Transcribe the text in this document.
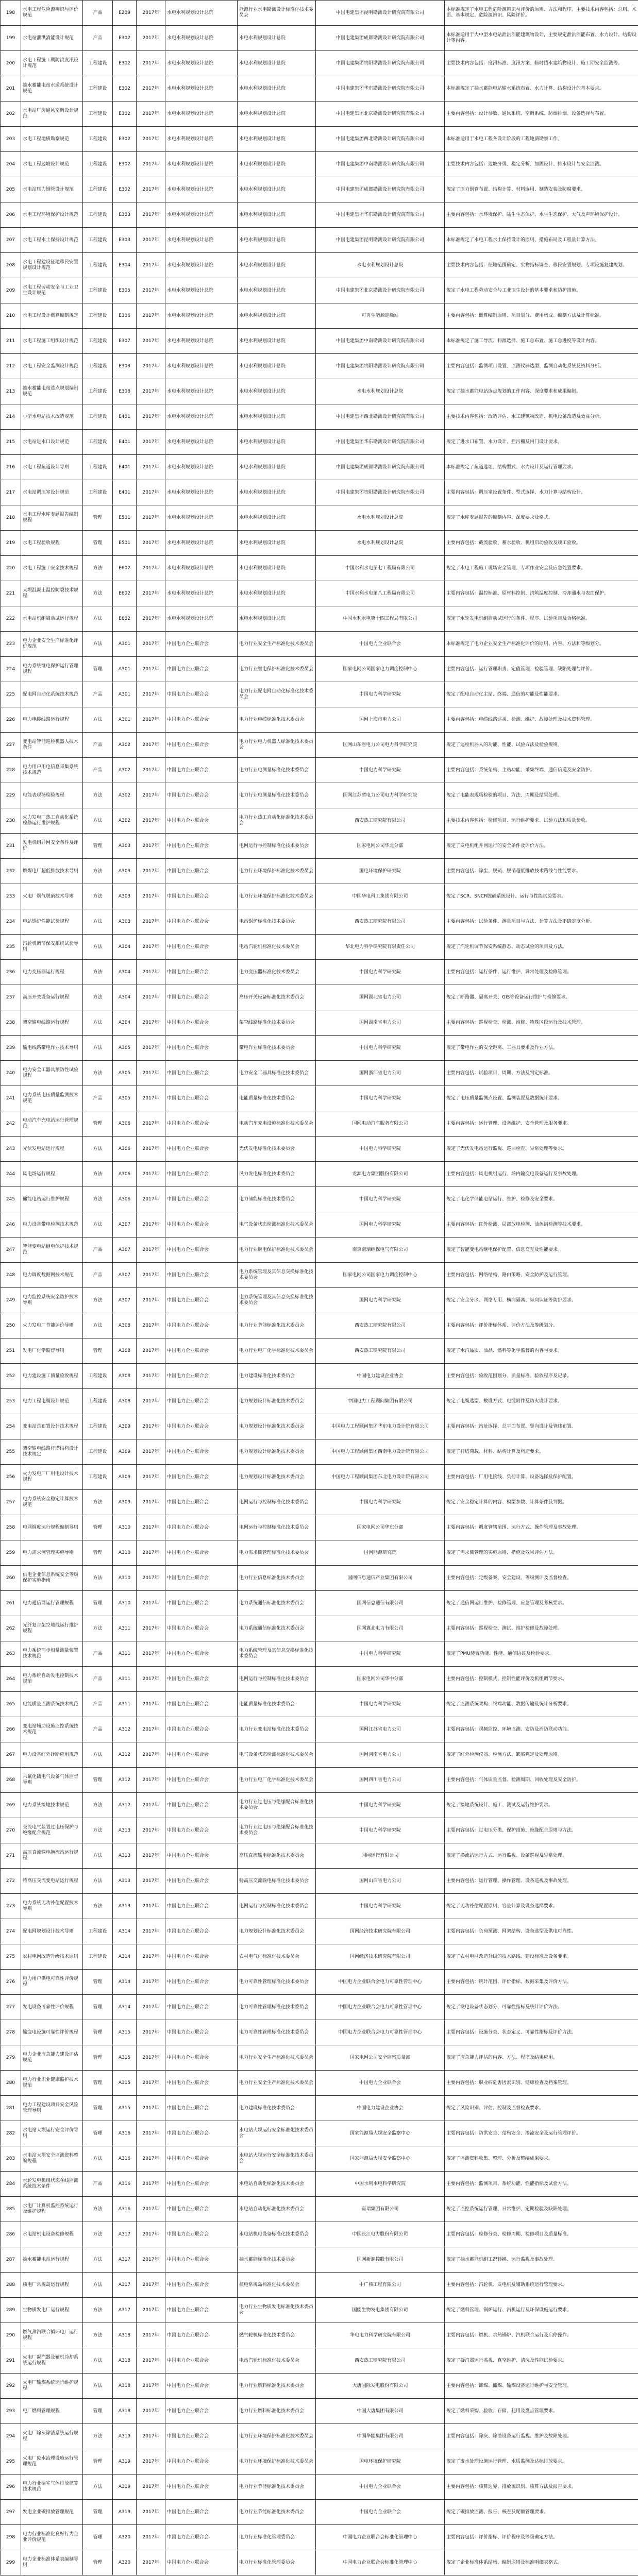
198	水电工程危险源辨识与评价规范	产品	E209	2017年	水电水利规划设计总院	能源行业水电勘测设计标准化技术委员会	中国电建集团昆明勘测设计研究院有限公司	本标准规定了水电工程危险源辨识与评价的原则、方法和程序。主要技术内容包括：总则、术语、基本规定、危险源辨识、风险评价。
199	水电站泄洪消能设计规范	产品	E302	2017年	水电水利规划设计总院	水电水利规划设计总院	中国电建集团成都勘测设计研究院有限公司	本标准适用于大中型水电站泄洪消能建筑物设计，主要规定泄洪消能布置、水力设计、结构设计等内容。
200	水电工程施工期防洪度汛设计规范	工程建设	E302	2017年	水电水利规划设计总院	水电水利规划设计总院	中国电建集团贵阳勘测设计研究院有限公司	主要技术内容包括：度汛标准、度汛方案、临时挡水建筑物设计、施工期安全监测等。
201	抽水蓄能电站水道系统设计规范	工程建设	E302	2017年	水电水利规划设计总院	水电水利规划设计总院	中国电建集团华东勘测设计研究院有限公司	本标准规定了抽水蓄能电站输水系统布置、水力计算、结构设计的基本要求。
202	水电站厂房通风空调设计规范	工程建设	E302	2017年	水电水利规划设计总院	水电水利规划设计总院	中国电建集团北京勘测设计研究院有限公司	主要内容包括：设计参数、通风系统、空调系统、防烟排烟、设备选择与布置。
203	水电工程地质勘察规范	工程建设	E302	2017年	水电水利规划设计总院	水电水利规划设计总院	中国电建集团西北勘测设计研究院有限公司	本标准适用于水电工程各设计阶段的工程地质勘察工作。
204	水电工程边坡设计规范	工程建设	E302	2017年	水电水利规划设计总院	水电水利规划设计总院	中国电建集团中南勘测设计研究院有限公司	主要技术内容包括：边坡分级、稳定分析、加固设计、排水设计与安全监测。
205	水电站压力钢管设计规范	工程建设	E302	2017年	水电水利规划设计总院	水电水利规划设计总院	中国电建集团成都勘测设计研究院有限公司	规定了压力钢管布置、结构计算、材料选用、制造安装及防腐要求。
206	水电工程环境保护设计规范	工程建设	E303	2017年	水电水利规划设计总院	水电水利规划设计总院	中国电建集团华东勘测设计研究院有限公司	主要内容包括：水环境保护、陆生生态保护、水生生态保护、大气及声环境保护设计。
207	水电工程水土保持设计规范	工程建设	E303	2017年	水电水利规划设计总院	水电水利规划设计总院	中国电建集团昆明勘测设计研究院有限公司	本标准规定了水电工程水土保持设计的原则、措施布局及工程量计算方法。
208	水电工程建设征地移民安置规划设计规范	工程建设	E304	2017年	水电水利规划设计总院	水电水利规划设计总院	水电水利规划设计总院	主要技术内容包括：征地范围确定、实物指标调查、移民安置规划、专项设施复建规划。
209	水电工程劳动安全与工业卫生设计规范	工程建设	E305	2017年	水电水利规划设计总院	水电水利规划设计总院	中国电建集团北京勘测设计研究院有限公司	规定了水电工程劳动安全与工业卫生设计的基本要求和防护措施。
210	水电工程设计概算编制规定	工程建设	E306	2017年	水电水利规划设计总院	水电水利规划设计总院	可再生能源定额站	主要内容包括：概算编制原则、项目划分、费用构成、编制方法及计算标准。
211	水电工程施工组织设计规范	工程建设	E307	2017年	水电水利规划设计总院	水电水利规划设计总院	中国电建集团中南勘测设计研究院有限公司	本标准规定了施工导流、料源选择、施工总布置、施工总进度等设计内容。
212	水电工程安全监测设计规范	工程建设	E308	2017年	水电水利规划设计总院	水电水利规划设计总院	中国电建集团贵阳勘测设计研究院有限公司	主要内容包括：监测项目设置、监测仪器选型、监测自动化系统及资料分析。
213	抽水蓄能电站选点规划编制规范	工程建设	E308	2017年	水电水利规划设计总院	水电水利规划设计总院	水电水利规划设计总院	规定了抽水蓄能电站选点规划的工作内容、深度要求和成果编制。
214	小型水电站技术改造规范	工程建设	E401	2017年	水电水利规划设计总院	水电水利规划设计总院	中国电建集团西北勘测设计研究院有限公司	主要技术内容包括：改造评估、水工建筑物改造、机电设备改造及效益分析。
215	水电站进水口设计规范	工程建设	E401	2017年	水电水利规划设计总院	水电水利规划设计总院	中国电建集团华东勘测设计研究院有限公司	规定了进水口布置、水力设计、拦污栅及闸门设计要求。
216	水电工程鱼道设计导则	工程建设	E401	2017年	水电水利规划设计总院	水电水利规划设计总院	中国电建集团成都勘测设计研究院有限公司	本标准规定了鱼道选址、结构型式、水力设计及运行管理要求。
217	水电站调压室设计规范	工程建设	E401	2017年	水电水利规划设计总院	水电水利规划设计总院	中国电建集团贵阳勘测设计研究院有限公司	主要内容包括：调压室设置条件、型式选择、水力计算与结构设计。
218	水电工程水库专题报告编制规程	管理	E501	2017年	水电水利规划设计总院	水电水利规划设计总院	水电水利规划设计总院	规定了水库专题报告的编制内容、深度要求及格式。
219	水电工程验收规程	管理	E501	2017年	水电水利规划设计总院	水电水利规划设计总院	水电水利规划设计总院	主要内容包括：截流验收、蓄水验收、机组启动验收及竣工验收。
220	水电工程施工安全技术规程	方法	E602	2017年	水电水利规划设计总院	水电水利规划设计总院	中国水利水电第七工程局有限公司	规定了水电工程施工现场安全管理、专项作业安全及应急处置要求。
221	大坝混凝土温控防裂技术规程	方法	E602	2017年	水电水利规划设计总院	水电水利规划设计总院	中国水利水电第八工程局有限公司	主要内容包括：温控标准、原材料控制、浇筑温度控制、冷却通水与表面保护。
222	水电站机组启动试运行规程	方法	E602	2017年	水电水利规划设计总院	水电水利规划设计总院	中国水利水电第十四工程局有限公司	规定了水轮发电机组启动试运行的条件、程序、试验项目及合格标准。
223	电力企业安全生产标准化评价规范	方法	A301	2017年	中国电力企业联合会	电力行业安全生产标准化技术委员会	中国电力企业联合会	本标准规定了电力企业安全生产标准化评价的原则、内容、方法和等级划分。
224	电力系统继电保护运行管理规程	管理	A301	2017年	中国电力企业联合会	电力行业继电保护标准化技术委员会	国家电网公司国家电力调度控制中心	主要内容包括：运行管理职责、定值管理、检验管理、缺陷处理与评价。
225	配电网自动化系统技术规范	产品	A301	2017年	中国电力企业联合会	电力行业配电网自动化标准化技术委员会	中国电力科学研究院	规定了配电自动化主站、终端、通信的功能及性能要求。
226	电力电缆线路运行规程	方法	A301	2017年	中国电力企业联合会	电力行业电缆标准化技术委员会	国网上海市电力公司	主要内容包括：电缆线路巡视、检测、维护、故障处理及技术资料管理。
227	变电站智能巡检机器人技术条件	产品	A302	2017年	中国电力企业联合会	电力行业电力机器人标准化技术委员会	国网山东省电力公司电力科学研究院	规定了巡检机器人的功能、性能、试验方法及检验规则。
228	电力用户用电信息采集系统技术规范	产品	A302	2017年	中国电力企业联合会	电力行业电测量标准化技术委员会	中国电力科学研究院	主要内容包括：系统架构、主站功能、采集终端、通信信道及安全防护。
229	电能表现场检验规程	方法	A302	2017年	中国电力企业联合会	电力行业电测量标准化技术委员会	国网江苏省电力公司电力科学研究院	规定了电能表现场检验的项目、方法、周期及结果处理。
230	火力发电厂热工自动化系统检修运行维护规程	方法	A302	2017年	中国电力企业联合会	电力行业热工自动化标准化技术委员会	西安热工研究院有限公司	主要技术内容包括：检修项目、运行维护要求、试验方法和质量验收。
231	发电机组并网安全条件及评价	管理	A303	2017年	中国电力企业联合会	电网运行与控制标准化技术委员会	国家电网公司华北分部	规定了发电机组并网运行的安全条件及评价方法。
232	燃煤电厂超低排放技术导则	方法	A303	2017年	中国电力企业联合会	电力行业环境保护标准化技术委员会	国电环境保护研究院	主要内容包括：除尘、脱硫、脱硝超低排放技术路线与性能要求。
233	火电厂烟气脱硝技术导则	方法	A303	2017年	中国电力企业联合会	电力行业环境保护标准化技术委员会	中国华电科工集团有限公司	规定了SCR、SNCR脱硝系统设计、运行与性能试验要求。
234	电站锅炉性能试验规程	方法	A303	2017年	中国电力企业联合会	电站锅炉标准化技术委员会	西安热工研究院有限公司	主要内容包括：试验条件、测量项目与方法、计算方法及不确定度分析。
235	汽轮机调节保安系统试验导则	方法	A304	2017年	中国电力企业联合会	电站汽轮机标准化技术委员会	华北电力科学研究院有限责任公司	规定了汽轮机调节保安系统静态、动态试验的项目及方法。
236	电力变压器运行规程	方法	A304	2017年	中国电力企业联合会	电力变压器标准化技术委员会	中国电力科学研究院	主要内容包括：运行条件、运行维护、异常处理及检修管理。
237	高压开关设备运行规程	方法	A304	2017年	中国电力企业联合会	高压开关设备标准化技术委员会	国网湖北省电力公司	规定了断路器、隔离开关、GIS等设备运行维护与检修要求。
238	架空输电线路运行规程	方法	A304	2017年	中国电力企业联合会	架空线路标准化技术委员会	国网湖南省电力公司	主要内容包括：巡视检查、检测、维修、特殊区段运行及技术管理。
239	输电线路带电作业技术导则	方法	A305	2017年	中国电力企业联合会	带电作业标准化技术委员会	中国电力科学研究院	规定了带电作业的安全距离、工器具要求及作业方法。
240	电力安全工器具预防性试验规程	方法	A305	2017年	中国电力企业联合会	电力安全工器具标准化技术委员会	国网浙江省电力公司	主要内容包括：试验项目、周期、方法及判定标准。
241	电力系统电压质量监测技术规范	产品	A305	2017年	中国电力企业联合会	电能质量标准化技术委员会	中国电力科学研究院	规定了电压质量监测点设置、监测装置及数据统计要求。
242	电动汽车充电站运行管理规范	管理	A306	2017年	中国电力企业联合会	电动汽车充电设施标准化技术委员会	国网电动汽车服务有限公司	主要内容包括：运行管理、设备维护、安全管理及服务要求。
243	光伏发电站运行规程	方法	A306	2017年	中国电力企业联合会	光伏发电标准化技术委员会	中国电力科学研究院	规定了光伏发电站运行监视、巡回检查、异常处理等要求。
244	风电场运行规程	方法	A306	2017年	中国电力企业联合会	风力发电标准化技术委员会	龙源电力集团股份有限公司	主要内容包括：风电机组运行、场内输变电设备运行及事故处理。
245	储能电站运行维护规程	方法	A306	2017年	中国电力企业联合会	电力储能标准化技术委员会	中国电力科学研究院	规定了电化学储能电站运行、维护、检修及安全要求。
246	电力设备带电检测技术规范	方法	A307	2017年	中国电力企业联合会	电气设备状态检测标准化技术委员会	国网电力科学研究院	主要内容包括：红外检测、局部放电检测、油色谱检测等技术要求。
247	智能变电站继电保护技术规范	产品	A307	2017年	中国电力企业联合会	电力行业继电保护标准化技术委员会	南京南瑞继保电气有限公司	规定了智能变电站继电保护配置、信息交互及性能要求。
248	电力调度数据网技术规范	产品	A307	2017年	中国电力企业联合会	电力系统管理及其信息交换标准化技术委员会	国家电网公司国家电力调度控制中心	主要内容包括：网络结构、路由策略、安全防护及运行管理。
249	电力监控系统安全防护技术导则	方法	A307	2017年	中国电力企业联合会	电力系统管理及其信息交换标准化技术委员会	国网电力科学研究院	规定了安全分区、网络专用、横向隔离、纵向认证等防护要求。
250	火力发电厂节能评价导则	方法	A308	2017年	中国电力企业联合会	电力行业节能标准化技术委员会	西安热工研究院有限公司	主要内容包括：评价指标体系、评价方法及等级划分。
251	发电厂化学监督导则	管理	A308	2017年	中国电力企业联合会	电力行业电厂化学标准化技术委员会	西安热工研究院有限公司	规定了水汽品质、油品、燃料等化学监督的内容与要求。
252	电力建设施工质量验收规程	工程建设	A308	2017年	中国电力企业联合会	电力建设标准化技术委员会	中国电力建设企业协会	主要内容包括：验收范围划分、质量标准、验收程序及记录。
253	电力工程电缆设计规范	工程建设	A308	2017年	中国电力企业联合会	电力规划设计标准化技术委员会	中国电力工程顾问集团有限公司	规定了电缆选型、敷设方式、电缆附件及防火设计要求。
254	变电站总布置设计技术规程	工程建设	A309	2017年	中国电力企业联合会	电力规划设计标准化技术委员会	中国电力工程顾问集团华东电力设计院有限公司	主要内容包括：站址选择、总平面布置、竖向设计及管线布置。
255	架空输电线路杆塔结构设计技术规定	工程建设	A309	2017年	中国电力企业联合会	电力规划设计标准化技术委员会	中国电力工程顾问集团西南电力设计院有限公司	规定了杆塔荷载、材料、结构计算及构造要求。
256	火力发电厂厂用电设计技术规程	工程建设	A309	2017年	中国电力企业联合会	电力规划设计标准化技术委员会	中国电力工程顾问集团东北电力设计院有限公司	主要内容包括：厂用电接线、负荷计算、设备选择及保护配置。
257	电力系统安全稳定计算技术规范	方法	A309	2017年	中国电力企业联合会	电网运行与控制标准化技术委员会	中国电力科学研究院	规定了安全稳定计算的内容、模型参数、计算条件及判据。
258	电网调度运行规程编制导则	管理	A310	2017年	中国电力企业联合会	电网运行与控制标准化技术委员会	国家电网公司华东分部	主要内容包括：调度管辖范围、运行方式、操作管理及事故处理。
259	电力需求侧管理实施导则	管理	A310	2017年	中国电力企业联合会	电力需求侧管理标准化技术委员会	国网能源研究院	规定了需求侧管理的实施原则、措施及效果评估方法。
260	供电企业信息系统安全等级保护实施指南	方法	A310	2017年	中国电力企业联合会	电力行业信息标准化技术委员会	国网信息通信产业集团有限公司	主要内容包括：定级备案、安全建设、等级测评及监督检查。
261	电力通信网运行管理规程	管理	A310	2017年	中国电力企业联合会	电力系统通信标准化技术委员会	国网信息通信有限公司	规定了通信网运行维护、检修管理、应急管理及考核要求。
262	光纤复合架空地线运行维护规程	方法	A311	2017年	中国电力企业联合会	电力系统通信标准化技术委员会	国网冀北电力有限公司	主要内容包括：巡视检查、测试、维护检修及故障处理。
263	电力系统同步相量测量装置技术规范	产品	A311	2017年	中国电力企业联合会	电力系统管理及其信息交换标准化技术委员会	中国电力科学研究院	规定了PMU装置功能、性能、通信协议及检验要求。
264	电力系统自动发电控制技术规范	产品	A311	2017年	中国电力企业联合会	电网运行与控制标准化技术委员会	国家电网公司华中分部	主要内容包括：控制模式、控制性能评价及机组调节要求。
265	电能质量监测系统技术规范	产品	A311	2017年	中国电力企业联合会	电能质量标准化技术委员会	中国电力科学研究院	规定了监测系统架构、终端功能、数据传输及统计分析要求。
266	变电站辅助设施监控系统技术规范	产品	A312	2017年	中国电力企业联合会	电力行业变电站标准化技术委员会	国网江苏省电力公司	主要内容包括：视频监控、环境监测、安防及消防联动功能。
267	电力设备红外诊断应用规范	方法	A312	2017年	中国电力企业联合会	电气设备状态检测标准化技术委员会	国网河南省电力公司	规定了红外检测仪器、检测方法、缺陷判定及处理原则。
268	六氟化硫电气设备气体监督导则	管理	A312	2017年	中国电力企业联合会	电力行业电厂化学标准化技术委员会	国网四川省电力公司	主要内容包括：气体质量监督、检测周期、回收处理及安全防护。
269	电力系统接地技术规范	方法	A312	2017年	中国电力企业联合会	电力行业过电压与绝缘配合标准化技术委员会	中国电力科学研究院	规定了接地系统设计、施工、测试及运行维护要求。
270	交流电气装置过电压保护与绝缘配合规范	方法	A313	2017年	中国电力企业联合会	电力行业过电压与绝缘配合标准化技术委员会	中国电力科学研究院	主要内容包括：过电压分类、保护措施、绝缘配合原则与方法。
271	高压直流输电换流站运行规程	方法	A313	2017年	中国电力企业联合会	高压直流输电标准化技术委员会	国网运行有限公司	规定了换流站运行方式、运行监视、设备巡视及异常处理。
272	特高压交流变电站运行规程	方法	A313	2017年	中国电力企业联合会	特高压交流输电标准化技术委员会	国网山西省电力公司	主要内容包括：运行管理、操作管理、设备巡视及事故处理。
273	电力系统无功补偿配置技术导则	方法	A313	2017年	中国电力企业联合会	电网运行与控制标准化技术委员会	中国电力科学研究院	规定了无功补偿配置原则、容量计算及设备选择要求。
274	配电网规划设计技术导则	工程建设	A314	2017年	中国电力企业联合会	电力规划设计标准化技术委员会	国网经济技术研究院有限公司	主要内容包括：负荷预测、网架结构、设备选型及供电可靠性。
275	农村电网改造升级技术原则	工程建设	A314	2017年	中国电力企业联合会	农村电气化标准化技术委员会	国网经济技术研究院有限公司	规定了农村电网改造升级的技术路线、建设标准及设备要求。
276	电力用户供电可靠性评价规程	管理	A314	2017年	中国电力企业联合会	电力可靠性管理标准化技术委员会	中国电力企业联合会电力可靠性管理中心	主要内容包括：统计范围、评价指标、数据采集及评价方法。
277	发电设备可靠性评价规程	管理	A314	2017年	中国电力企业联合会	电力可靠性管理标准化技术委员会	中国电力企业联合会电力可靠性管理中心	规定了发电设备状态划分、可靠性指标及统计评价方法。
278	输变电设施可靠性评价规程	管理	A315	2017年	中国电力企业联合会	电力可靠性管理标准化技术委员会	中国电力企业联合会电力可靠性管理中心	主要内容包括：设施分类、状态定义、可靠性指标及评价方法。
279	电力企业应急能力建设评估规范	管理	A315	2017年	中国电力企业联合会	电力行业安全生产标准化技术委员会	国家电网公司安全监察质量部	规定了应急能力评估的内容、方法、程序及结果应用。
280	电力行业职业健康监护技术规范	管理	A315	2017年	中国电力企业联合会	电力行业安全生产标准化技术委员会	中国电力企业联合会	主要内容包括：职业病危害因素识别、健康检查及档案管理。
281	电力工程建设项目安全风险管理导则	管理	A315	2017年	中国电力企业联合会	电力建设标准化技术委员会	中国电力建设企业协会	规定了风险识别、评估、控制及监督检查要求。
282	水电站大坝运行安全评价导则	管理	A316	2017年	中国电力企业联合会	水电站大坝运行安全标准化技术委员会	国家能源局大坝安全监察中心	主要内容包括：防洪安全、结构安全、渗流安全及运行管理评价。
283	水电站大坝安全监测资料整编规程	方法	A316	2017年	中国电力企业联合会	水电站大坝运行安全标准化技术委员会	国家能源局大坝安全监察中心	规定了监测资料收集、整理、分析及整编成果要求。
284	水轮发电机组状态在线监测系统技术条件	产品	A316	2017年	中国电力企业联合会	水电站自动化标准化技术委员会	中国水利水电科学研究院	主要内容包括：监测项目、系统功能、性能指标及试验方法。
285	水电厂计算机监控系统运行及维护规程	方法	A316	2017年	中国电力企业联合会	水电站自动化标准化技术委员会	南瑞集团有限公司	规定了监控系统运行管理、日常维护、定期检验及缺陷处理。
286	水电站机电设备检修规程	方法	A317	2017年	中国电力企业联合会	水电站机电设备标准化技术委员会	中国长江电力股份有限公司	主要内容包括：检修分类、检修周期、检修项目及质量标准。
287	抽水蓄能电站运行规程	方法	A317	2017年	中国电力企业联合会	抽水蓄能标准化技术委员会	国网新源控股有限公司	规定了抽水蓄能机组工况转换、运行监视及事故处理。
288	核电厂常规岛运行规程	方法	A317	2017年	中国电力企业联合会	核电常规岛标准化技术委员会	中广核工程有限公司	主要内容包括：汽轮机、发电机及辅助系统运行管理要求。
289	生物质发电厂运行规程	方法	A317	2017年	中国电力企业联合会	电力行业生物质发电标准化技术委员会	国能生物发电集团有限公司	规定了燃料管理、锅炉运行、汽机运行及环保设施运行要求。
290	燃气蒸汽联合循环电厂运行规程	方法	A318	2017年	中国电力企业联合会	燃气轮机标准化技术委员会	华电电力科学研究院有限公司	主要内容包括：燃机、余热锅炉、汽机联合运行及启停操作。
291	火电厂凝汽器及辅机冷却系统运行规程	方法	A318	2017年	中国电力企业联合会	电站汽轮机标准化技术委员会	西安热工研究院有限公司	规定了凝汽器运行监视、真空维护、清洗及性能试验要求。
292	火电厂输煤系统运行维护规程	方法	A318	2017年	中国电力企业联合会	电力行业燃料标准化技术委员会	大唐国际发电股份有限公司	主要内容包括：卸煤、储煤、输煤设备运行维护与安全管理。
293	电厂燃料管理规程	管理	A318	2017年	中国电力企业联合会	电力行业燃料标准化技术委员会	中国大唐集团有限公司	规定了燃料采购、验收、存储、耗用及盘点管理要求。
294	火电厂除灰除渣系统运行规程	方法	A319	2017年	中国电力企业联合会	电力行业环境保护标准化技术委员会	中国华能集团有限公司	主要内容包括：除灰、除渣设备运行监视、维护及故障处理。
295	火电厂废水治理设施运行管理规范	管理	A319	2017年	中国电力企业联合会	电力行业环境保护标准化技术委员会	国电环境保护研究院	规定了废水处理设施运行管理、水质监测及达标排放要求。
296	电力行业温室气体排放核算技术规范	方法	A319	2017年	中国电力企业联合会	电力行业节能标准化技术委员会	中国电力企业联合会	主要内容包括：核算边界、排放源识别、核算方法及报告要求。
297	发电企业碳排放管理规范	管理	A319	2017年	中国电力企业联合会	电力行业节能标准化技术委员会	中国电力企业联合会	规定了碳排放监测、报告、核查及配额管理要求。
298	电力行业标准化良好行为企业评价规范	管理	A320	2017年	中国电力企业联合会	电力行业标准化管理委员会	中国电力企业联合会标准化管理中心	主要内容包括：评价指标、评价程序及等级确定方法。
299	电力企业标准体系表编制导则	管理	A320	2017年	中国电力企业联合会	电力行业标准化管理委员会	中国电力企业联合会标准化管理中心	规定了企业标准体系结构、编制原则及标准明细表格式。
